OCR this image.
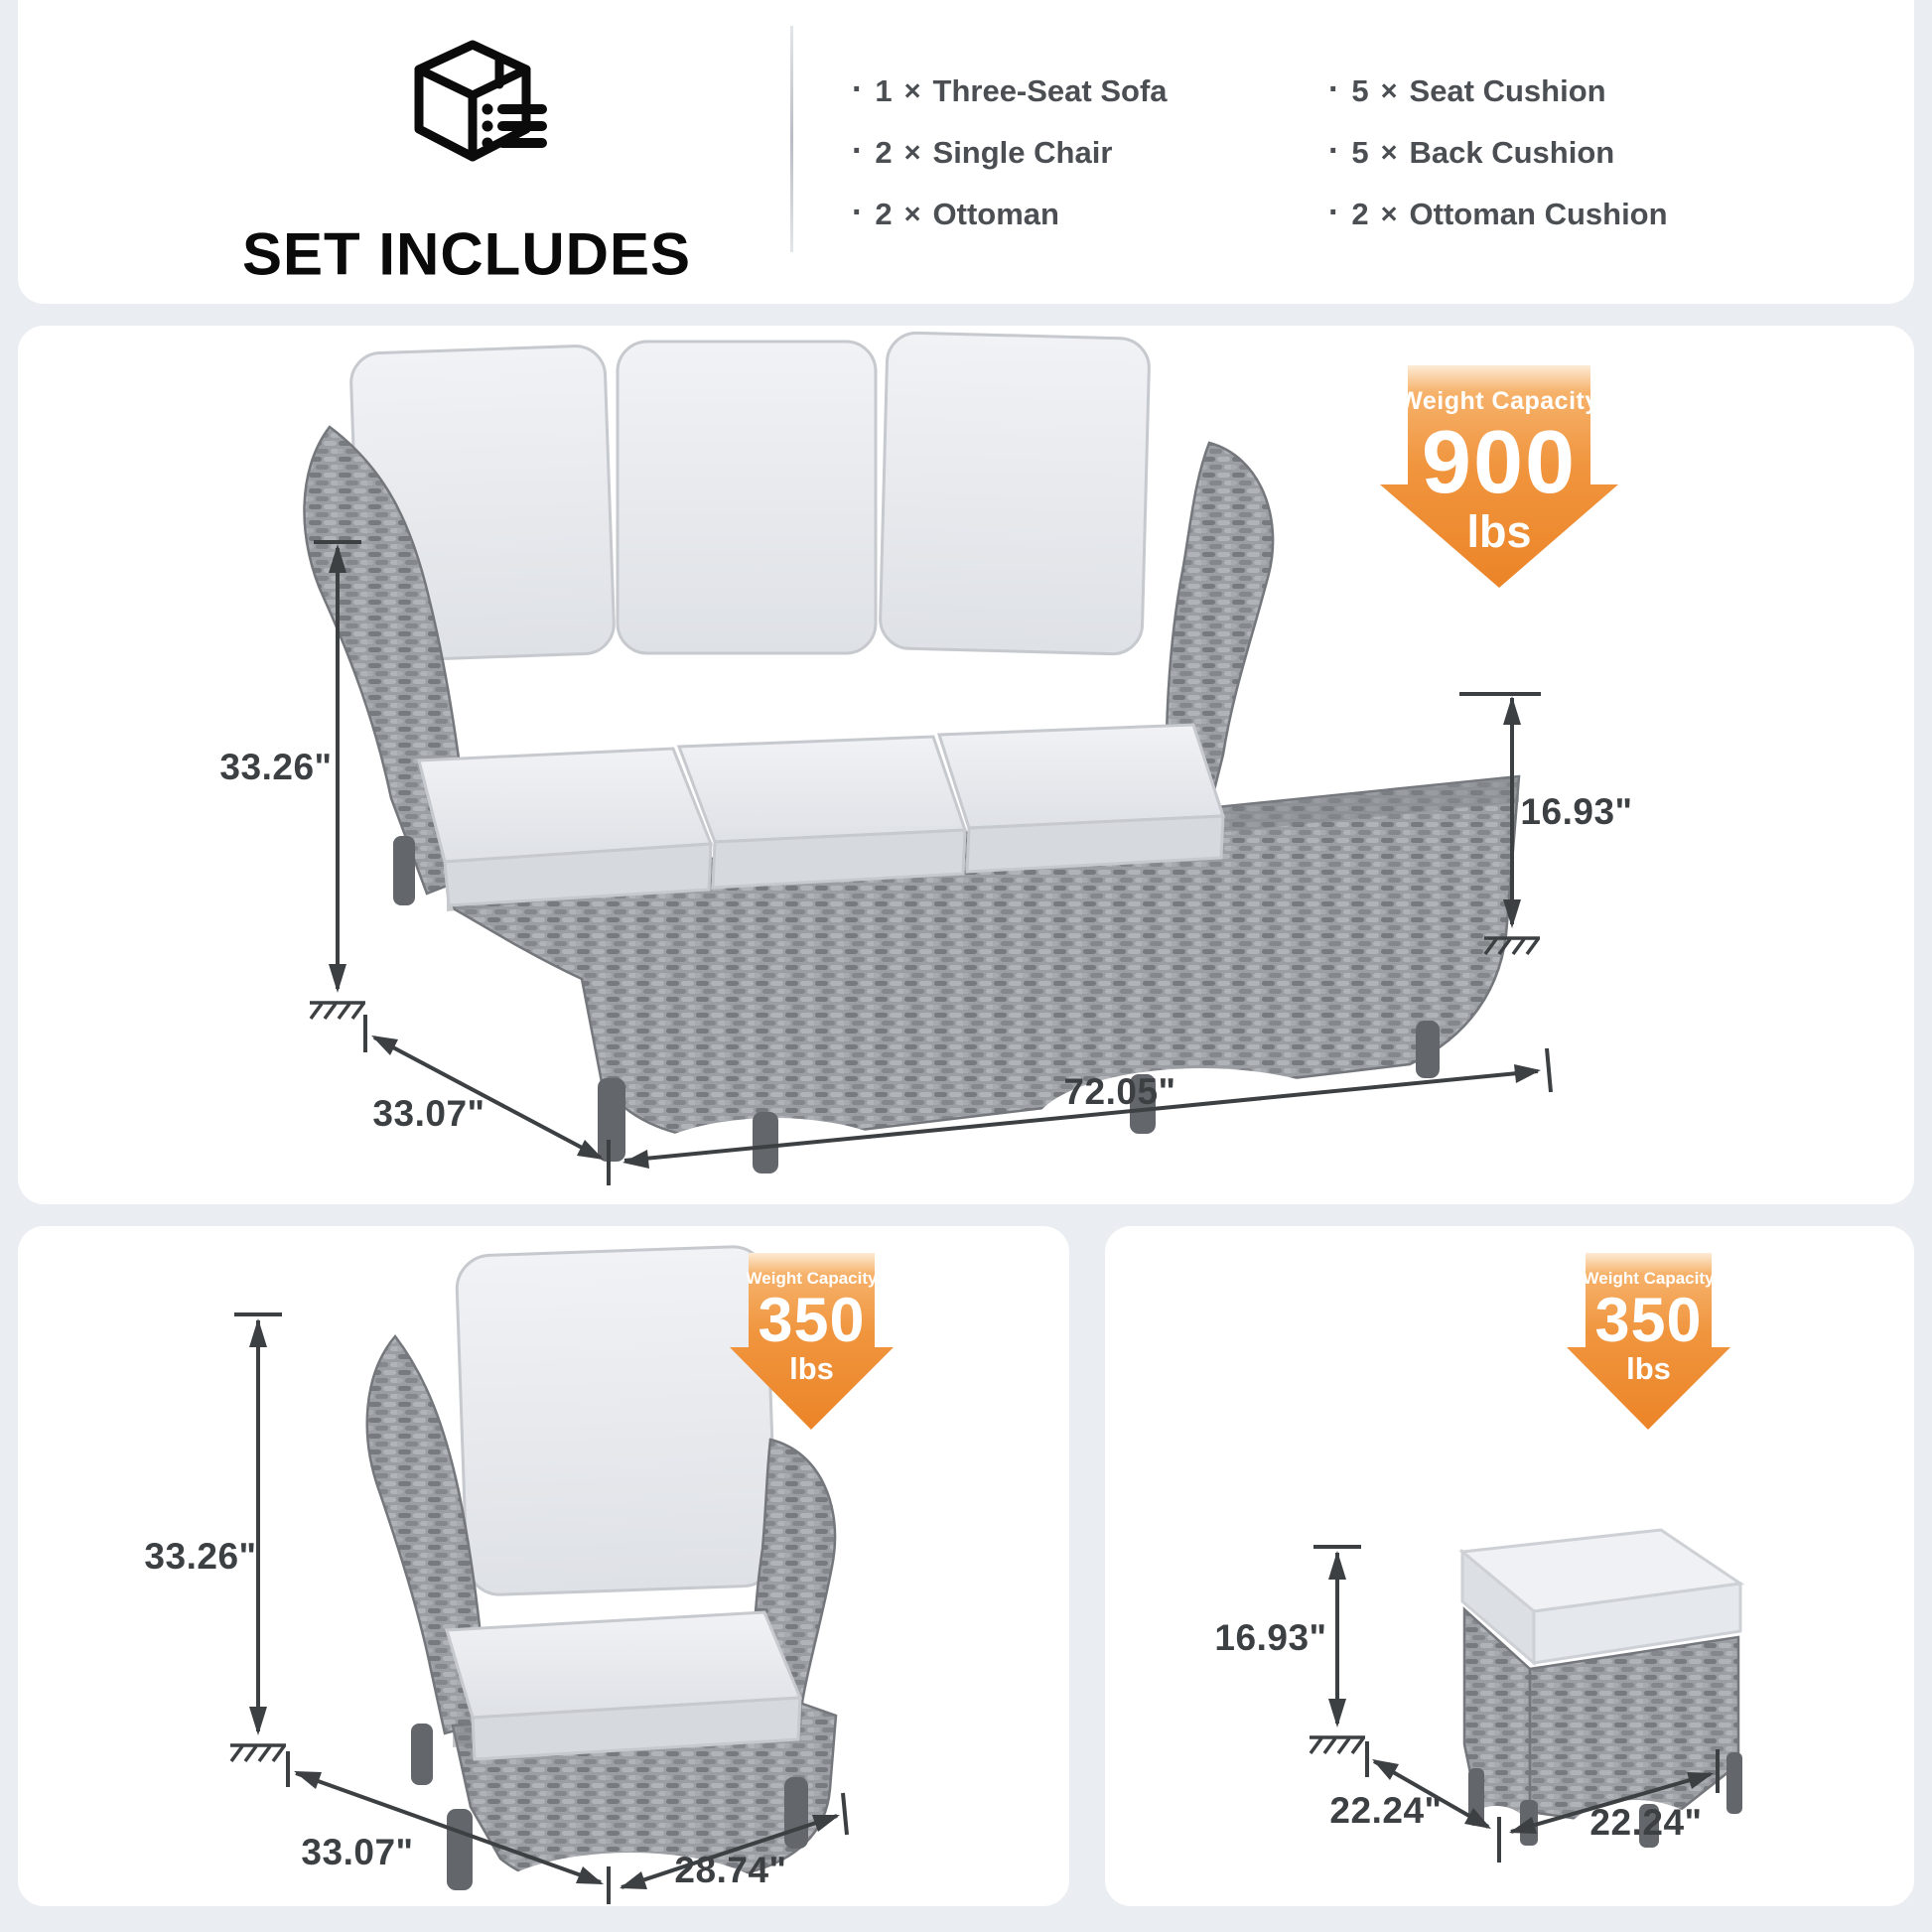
SET INCLUDES
· 1 × Three-Seat Sofa
· 2 × Single Chair
· 2 × Ottoman
· 5 × Seat Cushion
· 5 × Back Cushion
· 2 × Ottoman Cushion
33.26"
16.93"
33.07"
72.05"
33.26"
33.07"	28.74"
16.93"
22.24"	22.24"
Weight Capacity
900
lbs
Weight Capacity
350
lbs
Weight Capacity
350
lbs
